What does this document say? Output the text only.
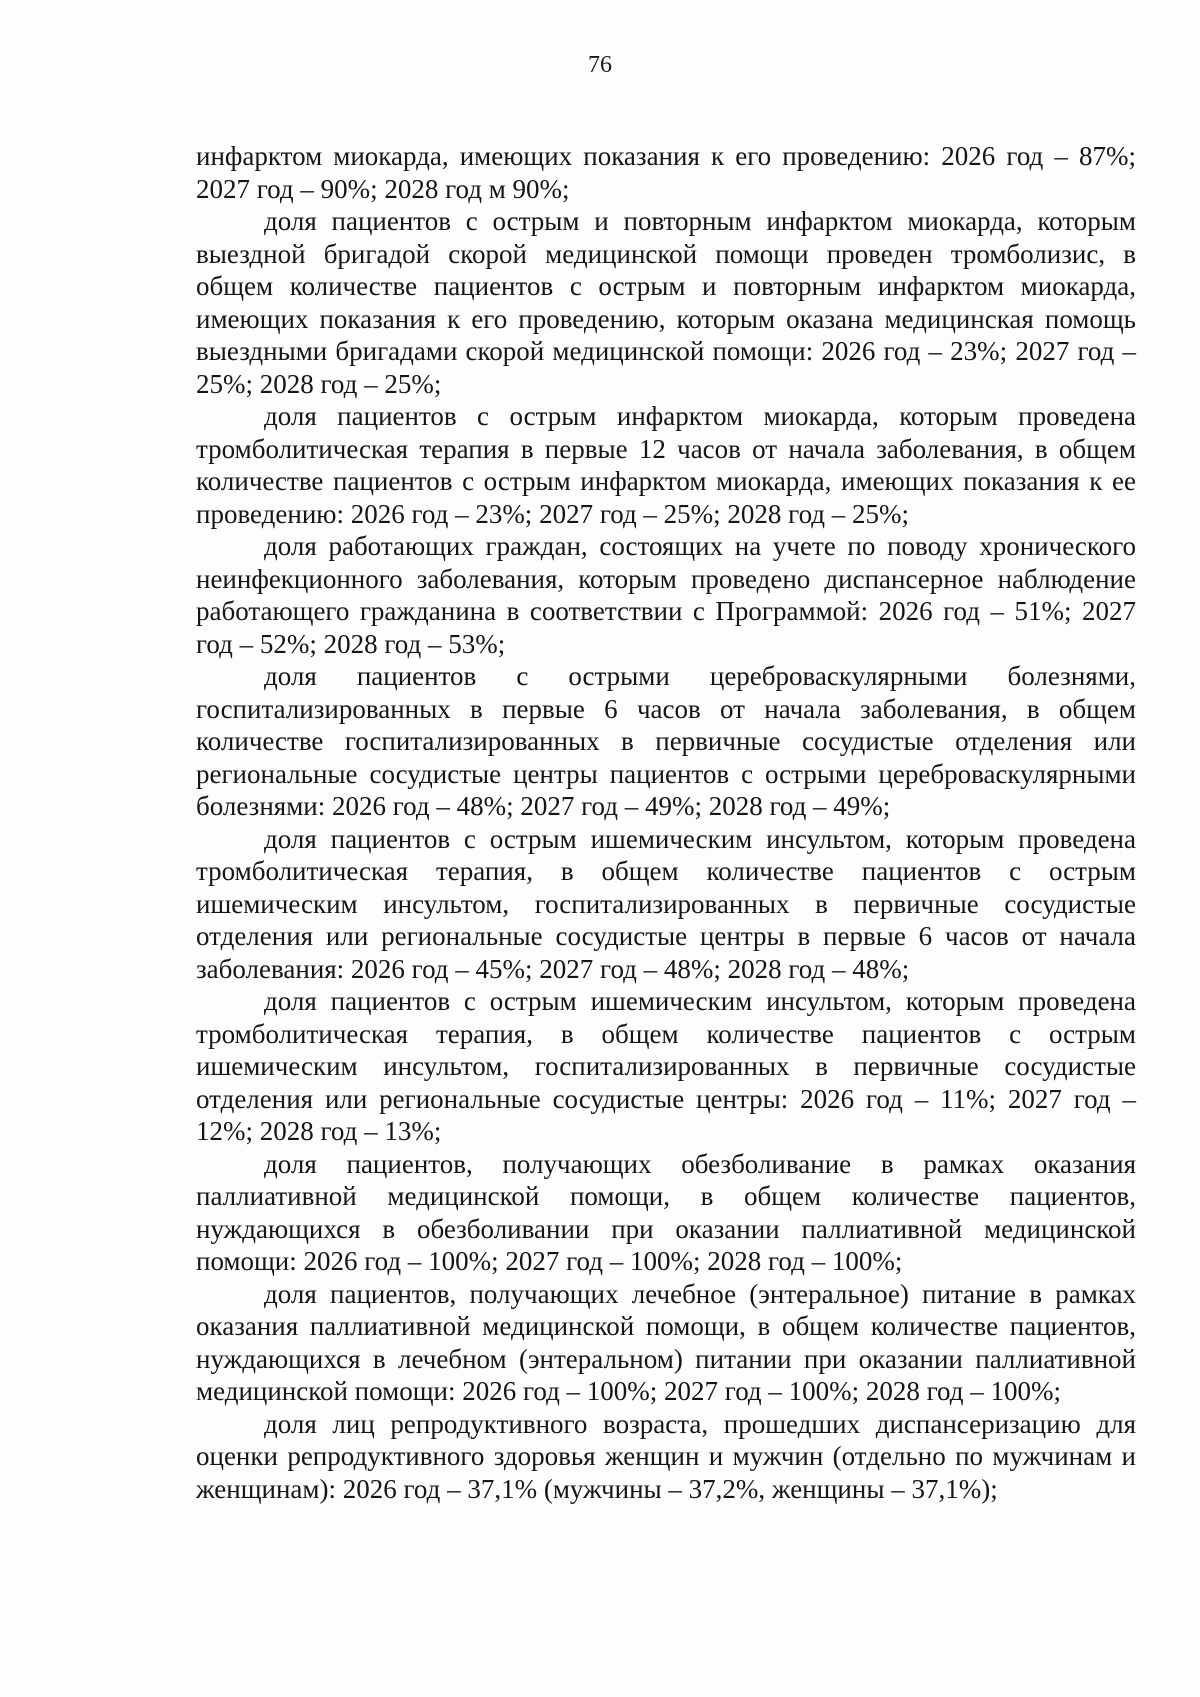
76

инфарктом миокарда, имеющих показания к его проведению: 2026 год – 87%; 2027 год – 90%; 2028 год м 90%;

доля пациентов с острым и повторным инфарктом миокарда, которым выездной бригадой скорой медицинской помощи проведен тромболизис, в общем количестве пациентов с острым и повторным инфарктом миокарда, имеющих показания к его проведению, которым оказана медицинская помощь выездными бригадами скорой медицинской помощи: 2026 год – 23%; 2027 год – 25%; 2028 год – 25%;

доля пациентов с острым инфарктом миокарда, которым проведена тромболитическая терапия в первые 12 часов от начала заболевания, в общем количестве пациентов с острым инфарктом миокарда, имеющих показания к ее проведению: 2026 год – 23%; 2027 год – 25%; 2028 год – 25%;

доля работающих граждан, состоящих на учете по поводу хронического неинфекционного заболевания, которым проведено диспансерное наблюдение работающего гражданина в соответствии с Программой: 2026 год – 51%; 2027 год – 52%; 2028 год – 53%;

доля пациентов с острыми цереброваскулярными болезнями, госпитализированных в первые 6 часов от начала заболевания, в общем количестве госпитализированных в первичные сосудистые отделения или региональные сосудистые центры пациентов с острыми цереброваскулярными болезнями: 2026 год – 48%; 2027 год – 49%; 2028 год – 49%;

доля пациентов с острым ишемическим инсультом, которым проведена тромболитическая терапия, в общем количестве пациентов с острым ишемическим инсультом, госпитализированных в первичные сосудистые отделения или региональные сосудистые центры в первые 6 часов от начала заболевания: 2026 год – 45%; 2027 год – 48%; 2028 год – 48%;

доля пациентов с острым ишемическим инсультом, которым проведена тромболитическая терапия, в общем количестве пациентов с острым ишемическим инсультом, госпитализированных в первичные сосудистые отделения или региональные сосудистые центры: 2026 год – 11%; 2027 год – 12%; 2028 год – 13%;

доля пациентов, получающих обезболивание в рамках оказания паллиативной медицинской помощи, в общем количестве пациентов, нуждающихся в обезболивании при оказании паллиативной медицинской помощи: 2026 год – 100%; 2027 год – 100%; 2028 год – 100%;

доля пациентов, получающих лечебное (энтеральное) питание в рамках оказания паллиативной медицинской помощи, в общем количестве пациентов, нуждающихся в лечебном (энтеральном) питании при оказании паллиативной медицинской помощи: 2026 год – 100%; 2027 год – 100%; 2028 год – 100%;

доля лиц репродуктивного возраста, прошедших диспансеризацию для оценки репродуктивного здоровья женщин и мужчин (отдельно по мужчинам и женщинам): 2026 год – 37,1% (мужчины – 37,2%, женщины – 37,1%);
